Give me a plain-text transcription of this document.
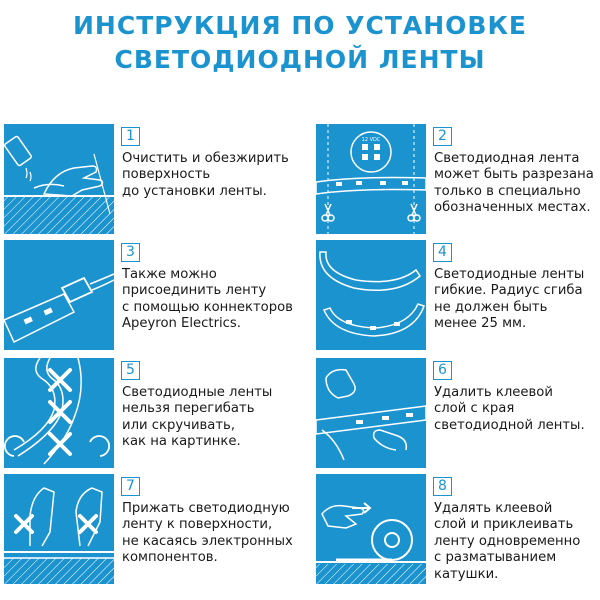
ИНСТРУКЦИЯ ПО УСТАНОВКЕ
СВЕТОДИОДНОЙ ЛЕНТЫ
1
Очистить и обезжирить
поверхность
до установки ленты.
12 VDC	2
Светодиодная лента
может быть разрезана
только в специально
обозначенных местах.
3
Также можно
присоединить ленту
с помощью коннекторов
Apeyron Electrics.
4
Светодиодные ленты
гибкие. Радиус сгиба
не должен быть
менее 25 мм.
5
Светодиодные ленты
нельзя перегибать
или скручивать,
как на картинке.
6
Удалить клеевой
слой с края
светодиодной ленты.
7
Прижать светодиодную
ленту к поверхности,
не касаясь электронных
компонентов.
8
Удалять клеевой
слой и приклеивать
ленту одновременно
с разматыванием
катушки.
